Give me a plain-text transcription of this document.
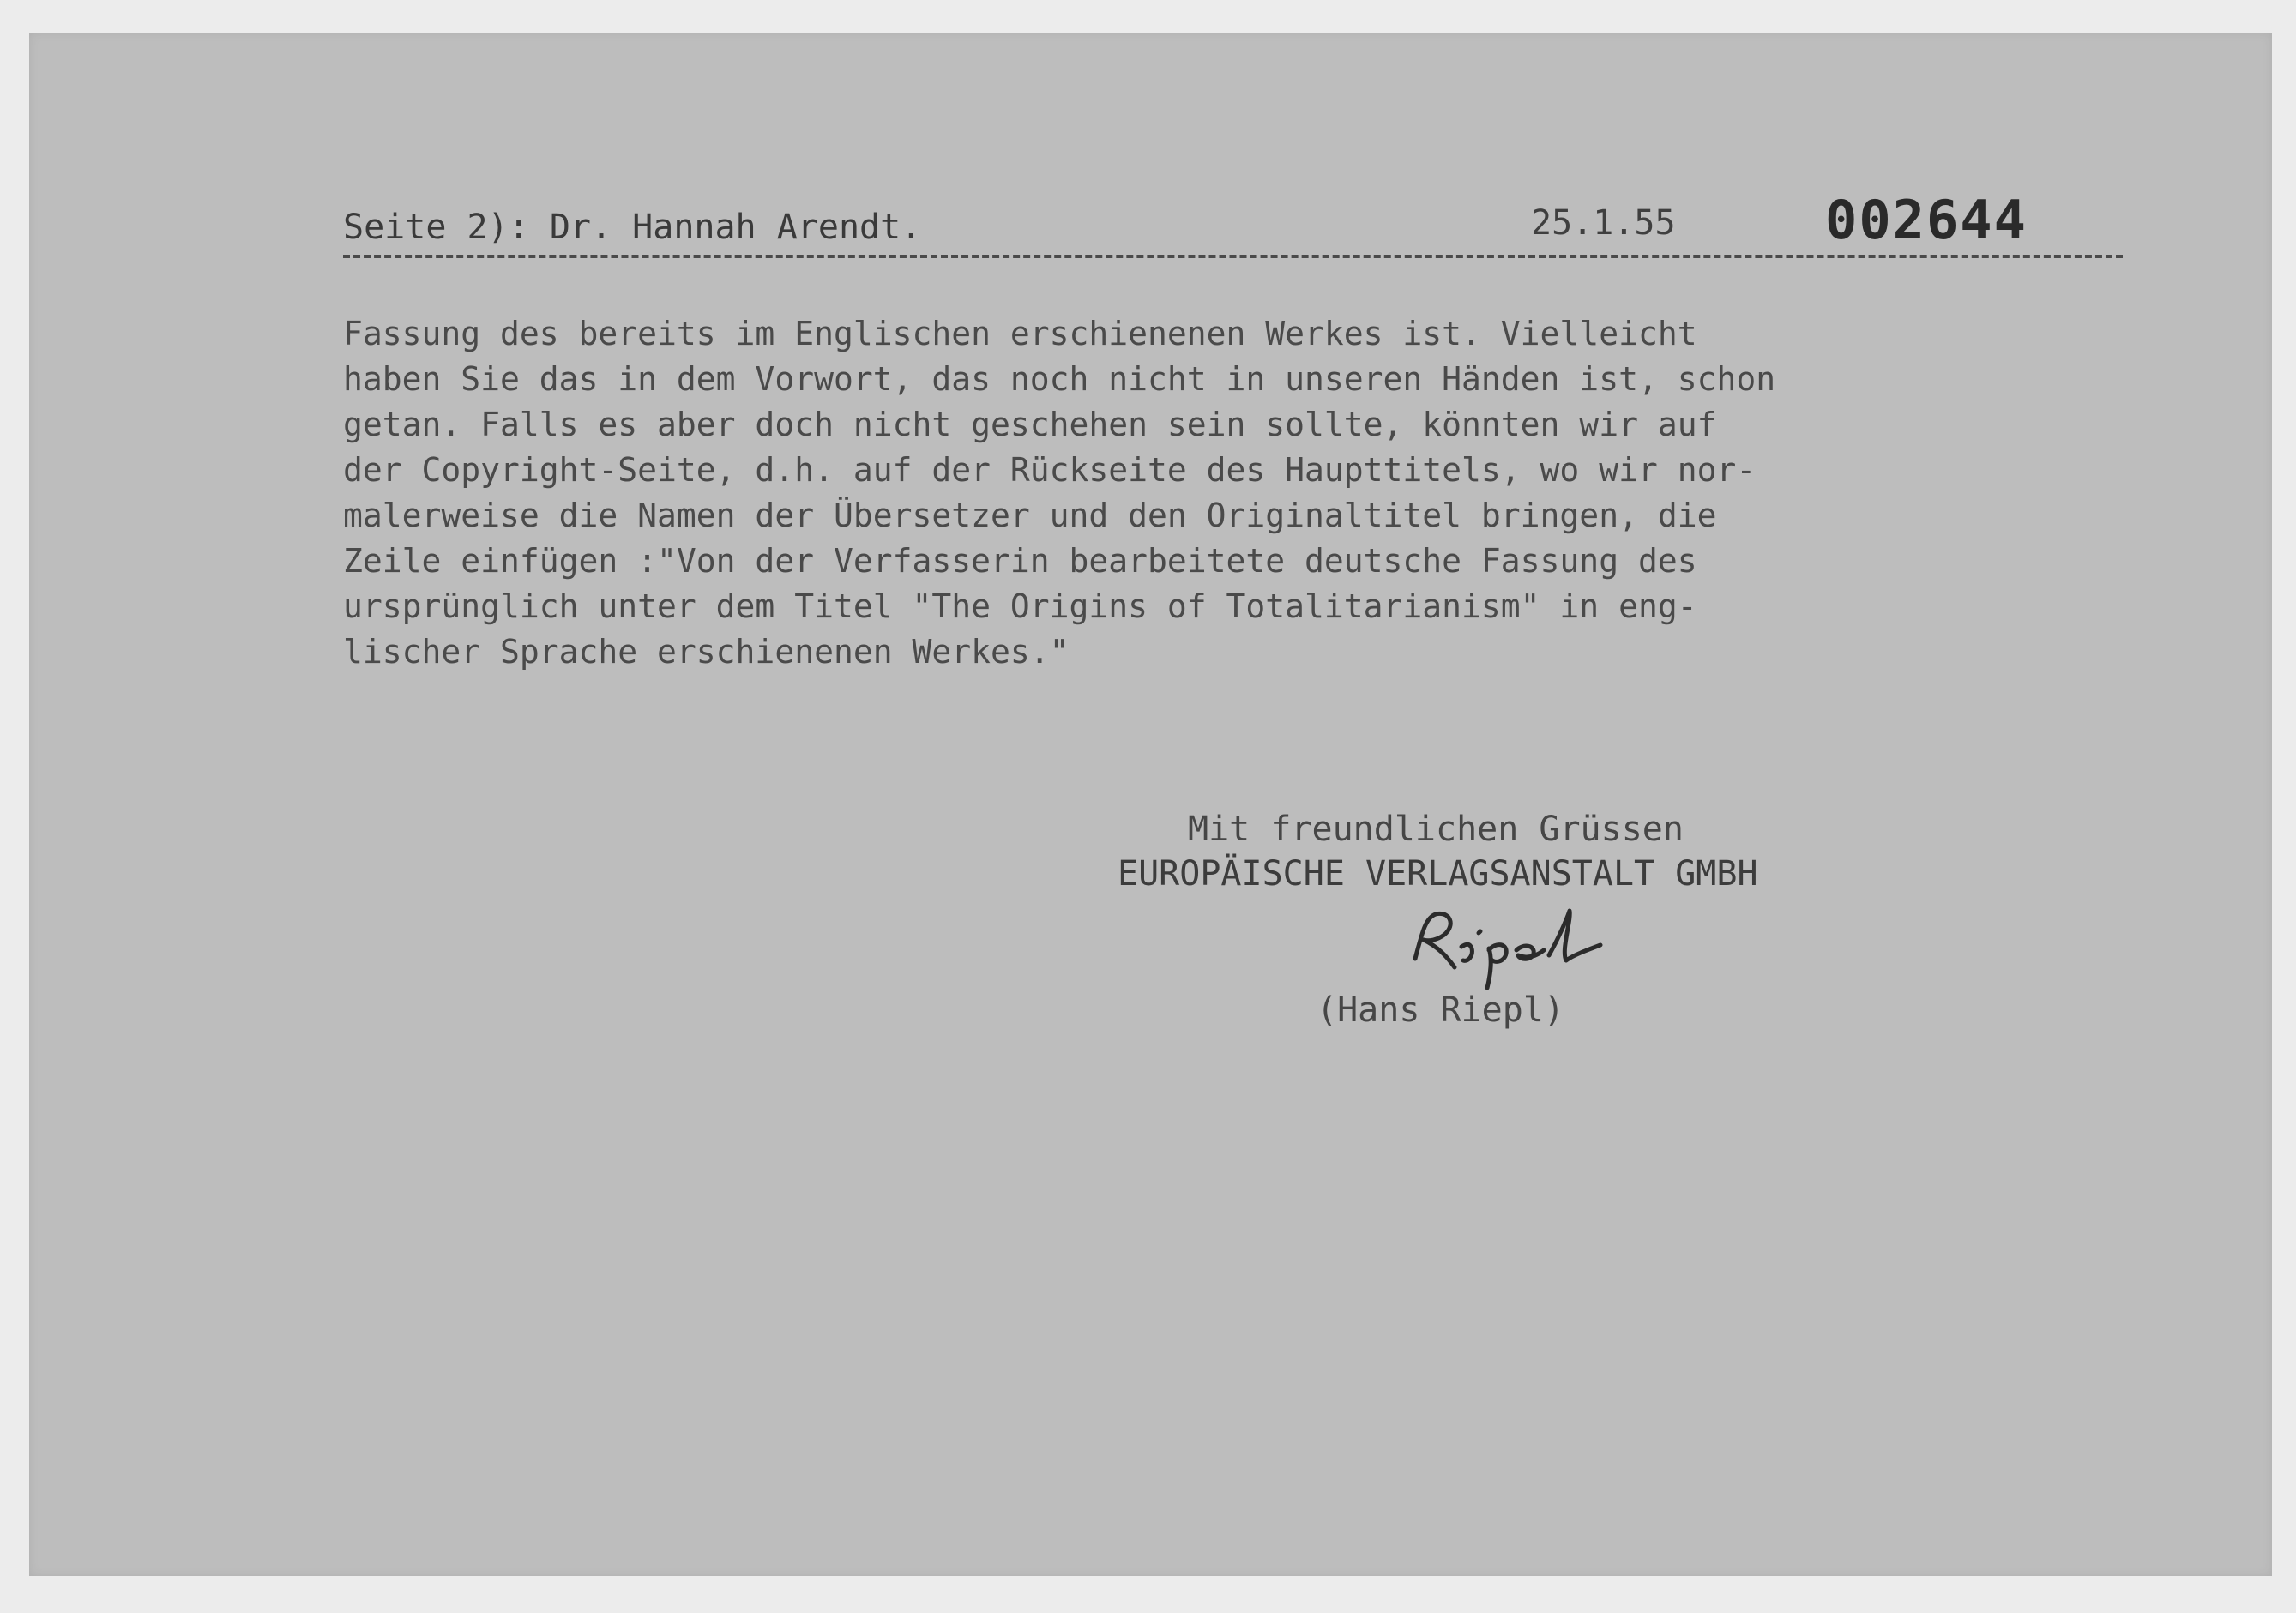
Seite 2): Dr. Hannah Arendt.	25.1.55	002644
Fassung des bereits im Englischen erschienenen Werkes ist. Vielleicht
haben Sie das in dem Vorwort, das noch nicht in unseren Händen ist, schon
getan. Falls es aber doch nicht geschehen sein sollte, könnten wir auf
der Copyright-Seite, d.h. auf der Rückseite des Haupttitels, wo wir nor-
malerweise die Namen der Übersetzer und den Originaltitel bringen, die
Zeile einfügen :"Von der Verfasserin bearbeitete deutsche Fassung des
ursprünglich unter dem Titel "The Origins of Totalitarianism" in eng-
lischer Sprache erschienenen Werkes."
Mit freundlichen Grüssen
EUROPÄISCHE VERLAGSANSTALT GMBH
(Hans Riepl)
